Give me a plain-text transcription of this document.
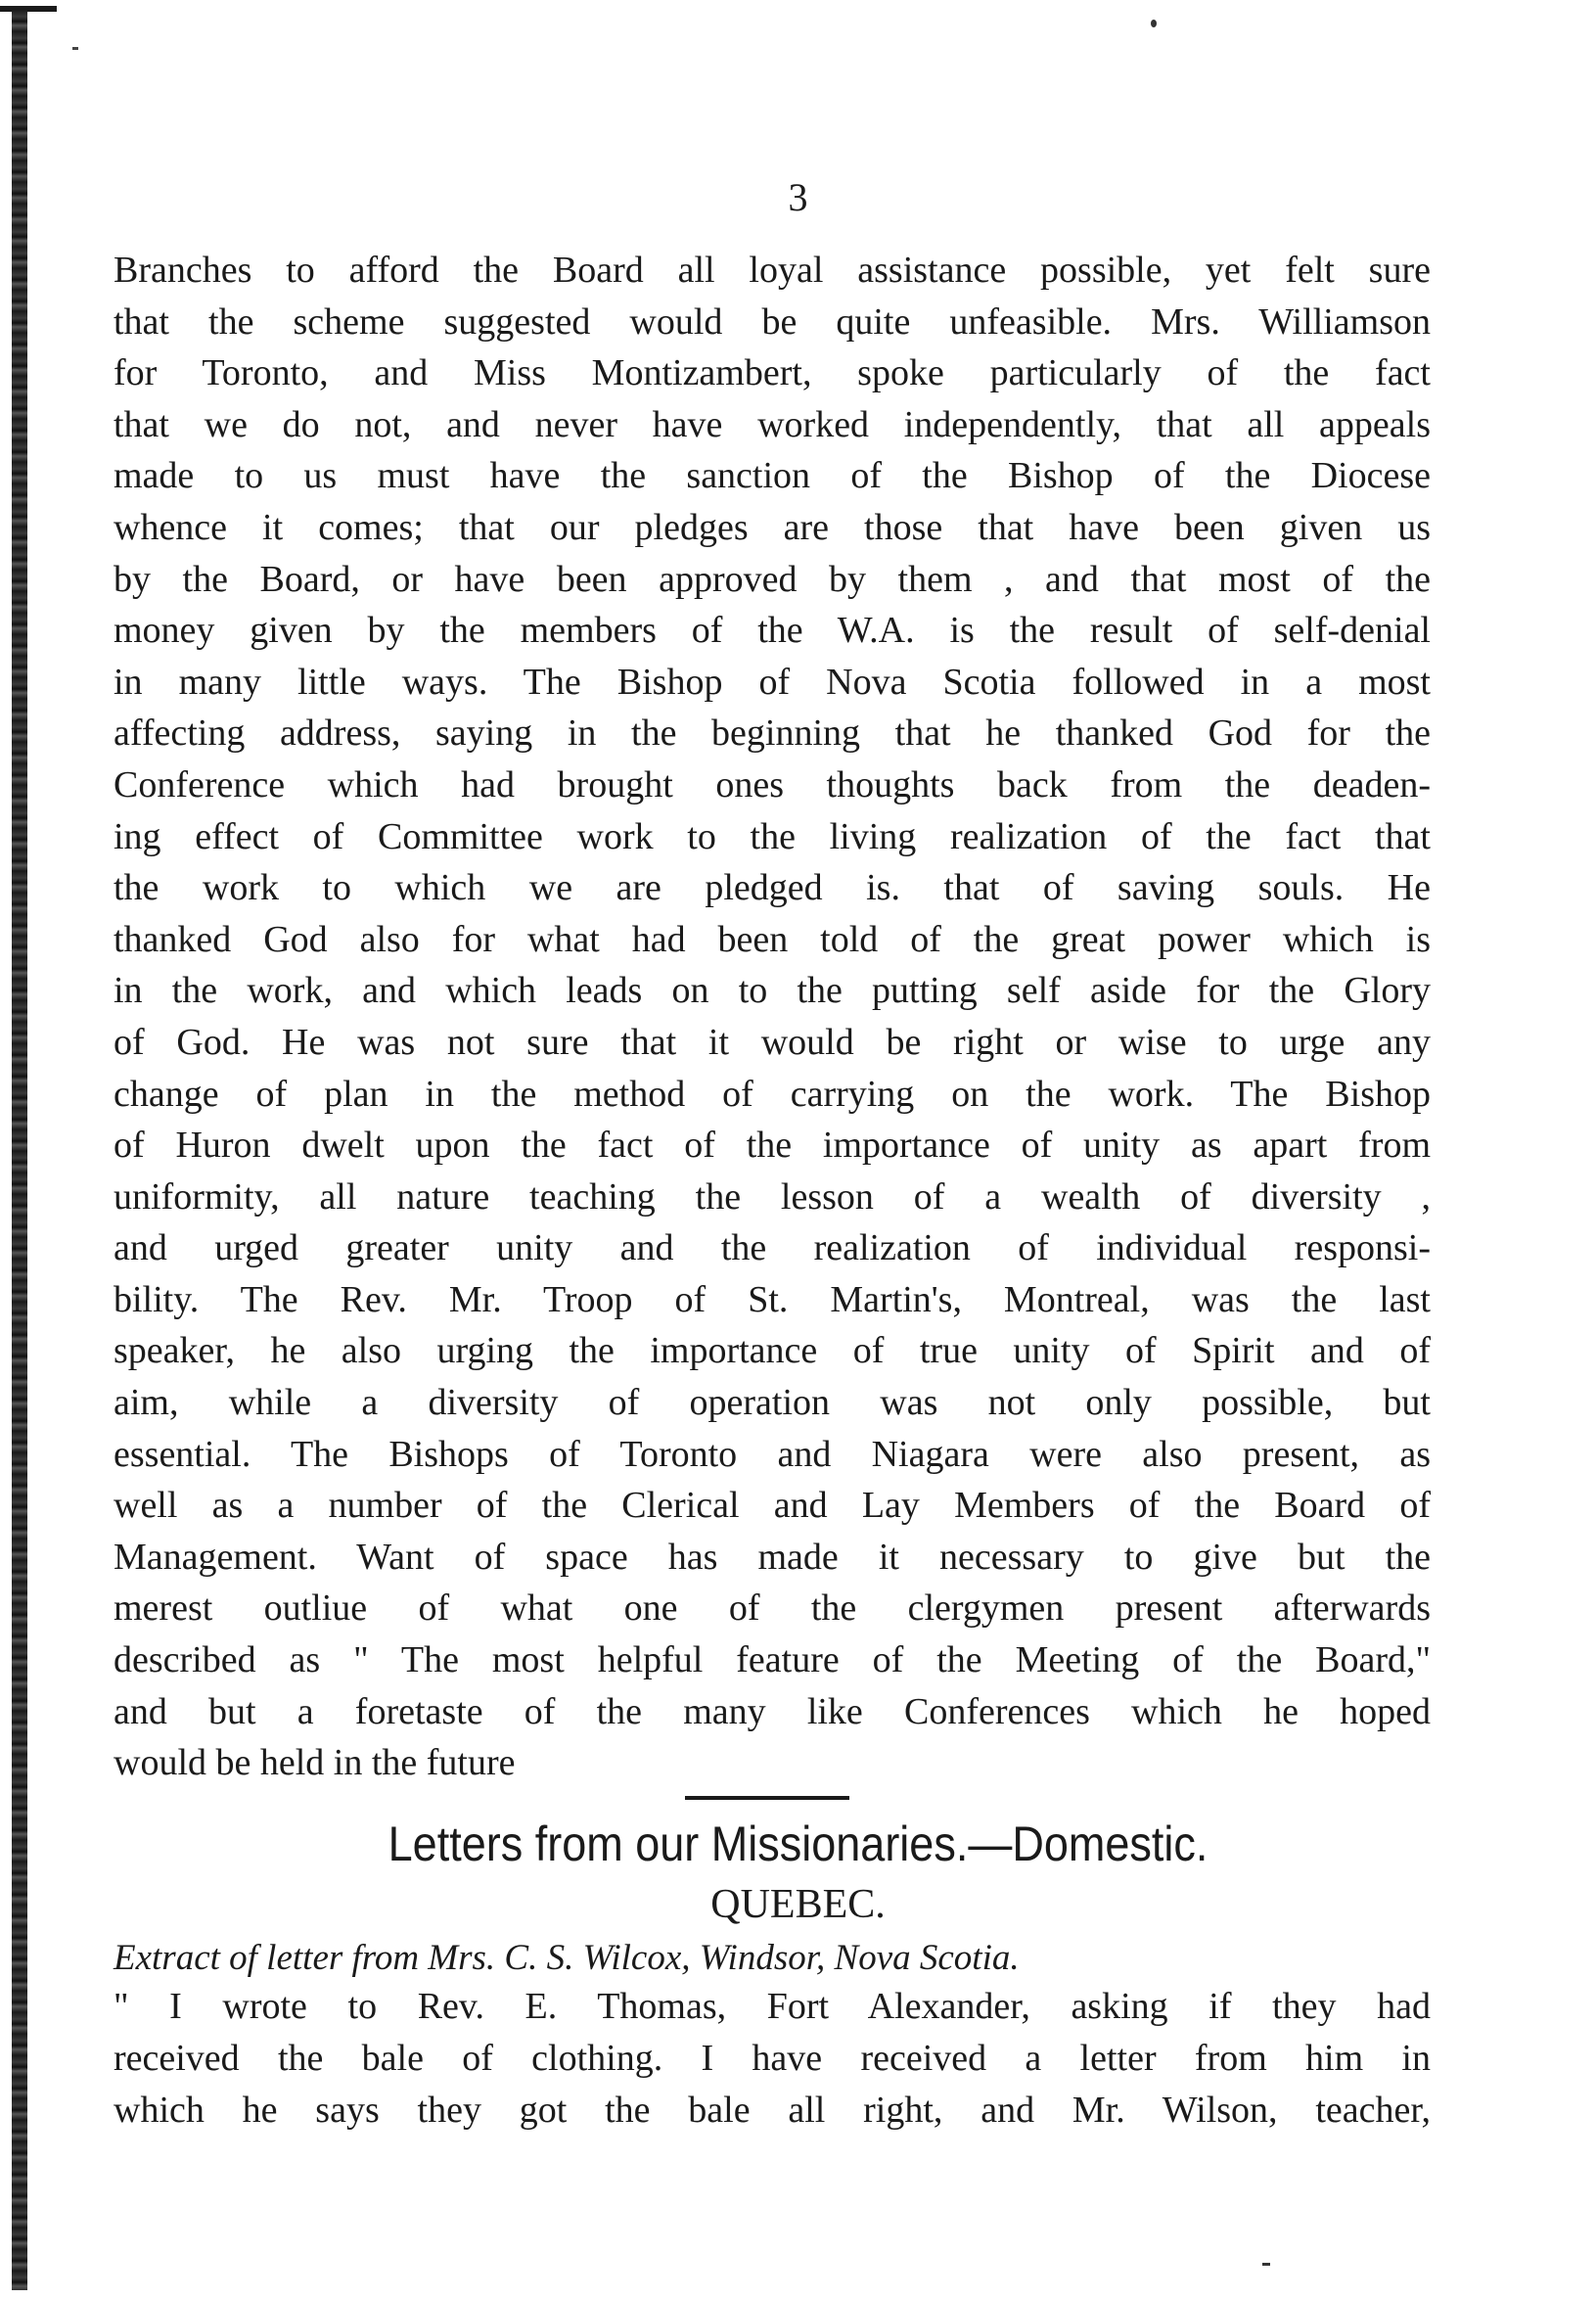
3
Branches to afford the Board all loyal assistance possible, yet felt sure
that the scheme suggested would be quite unfeasible. Mrs. Williamson
for Toronto, and Miss Montizambert, spoke particularly of the fact
that we do not, and never have worked independently, that all appeals
made to us must have the sanction of the Bishop of the Diocese
whence it comes; that our pledges are those that have been given us
by the Board, or have been approved by them , and that most of the
money given by the members of the W.A. is the result of self-denial
in many little ways. The Bishop of Nova Scotia followed in a most
affecting address, saying in the beginning that he thanked God for the
Conference which had brought ones thoughts back from the deaden-
ing effect of Committee work to the living realization of the fact that
the work to which we are pledged is. that of saving souls. He
thanked God also for what had been told of the great power which is
in the work, and which leads on to the putting self aside for the Glory
of God. He was not sure that it would be right or wise to urge any
change of plan in the method of carrying on the work. The Bishop
of Huron dwelt upon the fact of the importance of unity as apart from
uniformity, all nature teaching the lesson of a wealth of diversity ,
and urged greater unity and the realization of individual responsi-
bility. The Rev. Mr. Troop of St. Martin's, Montreal, was the last
speaker, he also urging the importance of true unity of Spirit and of
aim, while a diversity of operation was not only possible, but
essential. The Bishops of Toronto and Niagara were also present, as
well as a number of the Clerical and Lay Members of the Board of
Management. Want of space has made it necessary to give but the
merest outliue of what one of the clergymen present afterwards
described as " The most helpful feature of the Meeting of the Board,"
and but a foretaste of the many like Conferences which he hoped
would be held in the future
Letters from our Missionaries.—Domestic.
QUEBEC.
Extract of letter from Mrs. C. S. Wilcox, Windsor, Nova Scotia.
" I wrote to Rev. E. Thomas, Fort Alexander, asking if they had
received the bale of clothing. I have received a letter from him in
which he says they got the bale all right, and Mr. Wilson, teacher,
